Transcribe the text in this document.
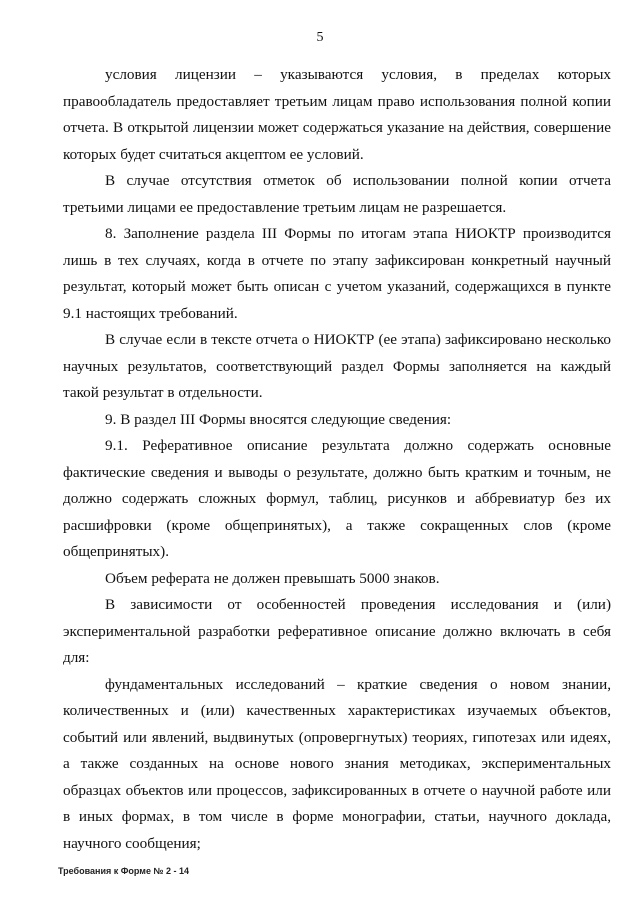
5

условия лицензии – указываются условия, в пределах которых правообладатель предоставляет третьим лицам право использования полной копии отчета. В открытой лицензии может содержаться указание на действия, совершение которых будет считаться акцептом ее условий.

В случае отсутствия отметок об использовании полной копии отчета третьими лицами ее предоставление третьим лицам не разрешается.

8. Заполнение раздела III Формы по итогам этапа НИОКТР производится лишь в тех случаях, когда в отчете по этапу зафиксирован конкретный научный результат, который может быть описан с учетом указаний, содержащихся в пункте 9.1 настоящих требований.

В случае если в тексте отчета о НИОКТР (ее этапа) зафиксировано несколько научных результатов, соответствующий раздел Формы заполняется на каждый такой результат в отдельности.

9. В раздел III Формы вносятся следующие сведения:

9.1. Реферативное описание результата должно содержать основные фактические сведения и выводы о результате, должно быть кратким и точным, не должно содержать сложных формул, таблиц, рисунков и аббревиатур без их расшифровки (кроме общепринятых), а также сокращенных слов (кроме общепринятых).

Объем реферата не должен превышать 5000 знаков.

В зависимости от особенностей проведения исследования и (или) экспериментальной разработки реферативное описание должно включать в себя для:

фундаментальных исследований – краткие сведения о новом знании, количественных и (или) качественных характеристиках изучаемых объектов, событий или явлений, выдвинутых (опровергнутых) теориях, гипотезах или идеях, а также созданных на основе нового знания методиках, экспериментальных образцах объектов или процессов, зафиксированных в отчете о научной работе или в иных формах, в том числе в форме монографии, статьи, научного доклада, научного сообщения;

Требования к Форме № 2 - 14
